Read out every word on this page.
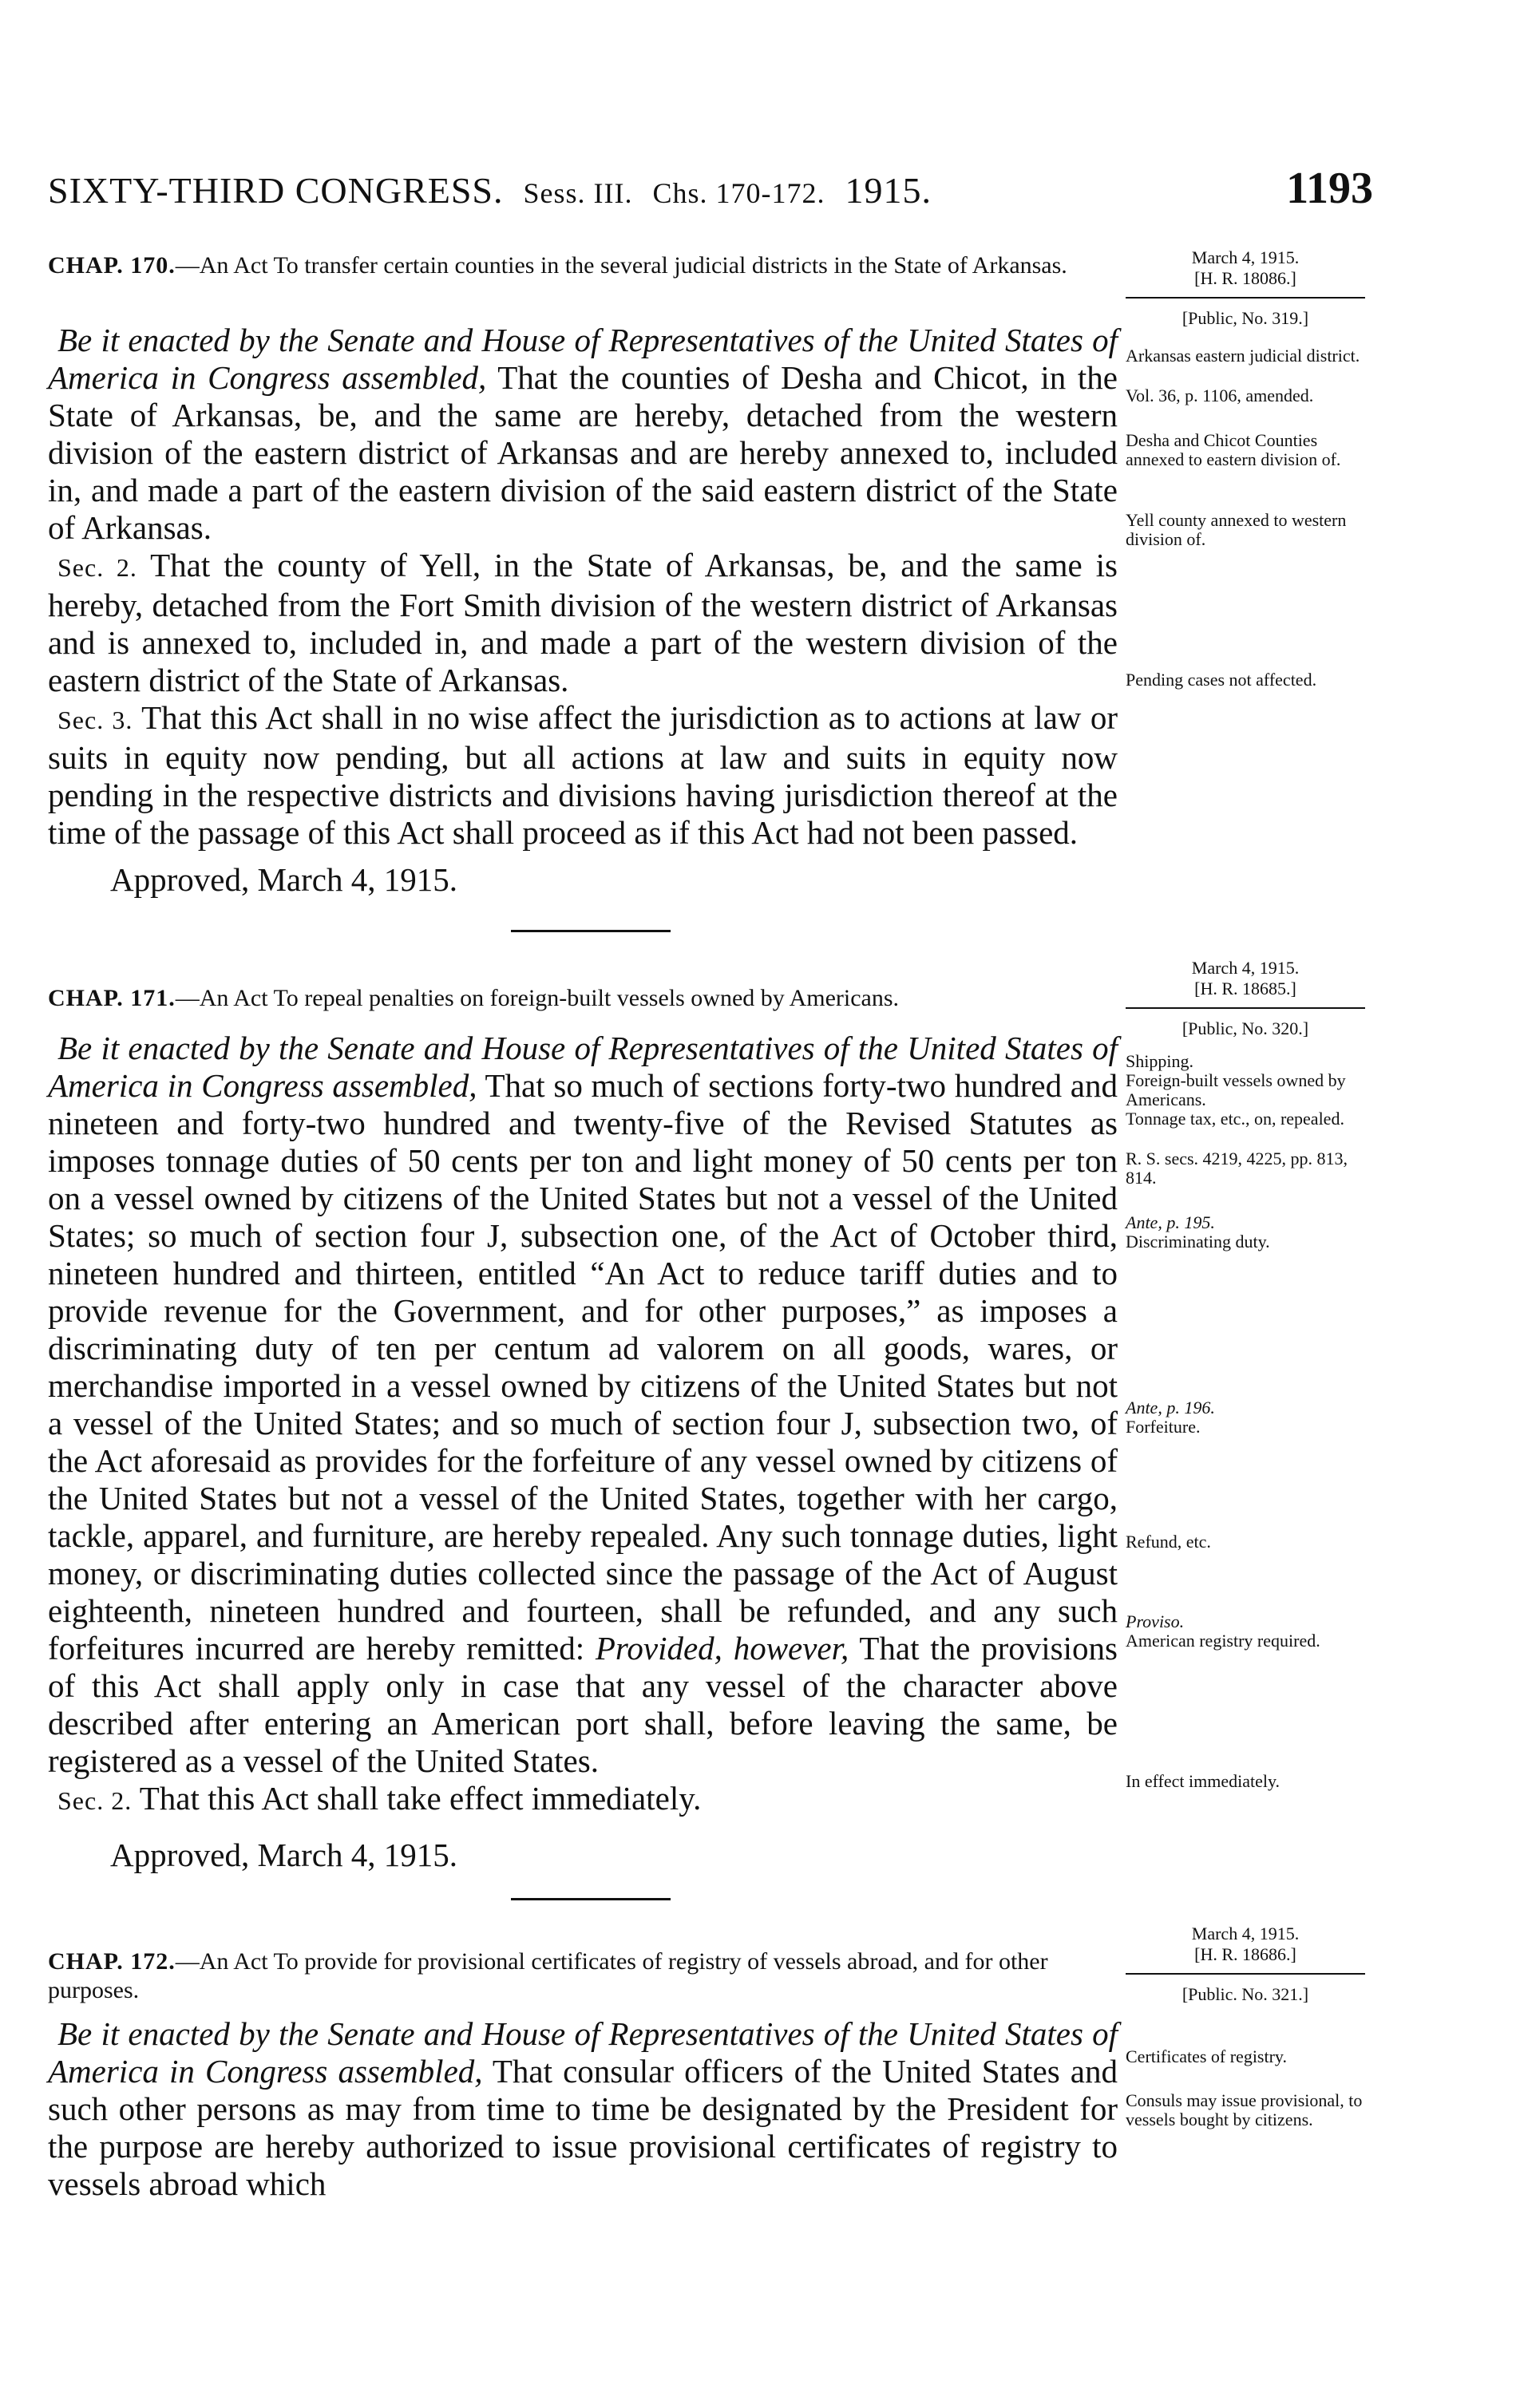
SIXTY-THIRD CONGRESS. Sess. III. Chs. 170-172. 1915.	1193
March 4, 1915.
[H. R. 18086.]
[Public, No. 319.]
CHAP. 170.—An Act To transfer certain counties in the several judicial districts in the State of Arkansas.

Be it enacted by the Senate and House of Representatives of the United States of America in Congress assembled, That the counties of Desha and Chicot, in the State of Arkansas, be, and the same are hereby, detached from the western division of the eastern district of Arkansas and are hereby annexed to, included in, and made a part of the eastern division of the said eastern district of the State of Arkansas.

Sec. 2. That the county of Yell, in the State of Arkansas, be, and the same is hereby, detached from the Fort Smith division of the western district of Arkansas and is annexed to, included in, and made a part of the western division of the eastern district of the State of Arkansas.

Sec. 3. That this Act shall in no wise affect the jurisdiction as to actions at law or suits in equity now pending, but all actions at law and suits in equity now pending in the respective districts and divisions having jurisdiction thereof at the time of the passage of this Act shall proceed as if this Act had not been passed.

Approved, March 4, 1915.
Arkansas eastern judicial district.
Vol. 36, p. 1106, amended.
Desha and Chicot Counties annexed to eastern division of.
Yell county annexed to western division of.
Pending cases not affected.
March 4, 1915.
[H. R. 18685.]
[Public, No. 320.]
CHAP. 171.—An Act To repeal penalties on foreign-built vessels owned by Americans.

Be it enacted by the Senate and House of Representatives of the United States of America in Congress assembled, That so much of sections forty-two hundred and nineteen and forty-two hundred and twenty-five of the Revised Statutes as imposes tonnage duties of 50 cents per ton and light money of 50 cents per ton on a vessel owned by citizens of the United States but not a vessel of the United States; so much of section four J, subsection one, of the Act of October third, nineteen hundred and thirteen, entitled “An Act to reduce tariff duties and to provide revenue for the Government, and for other purposes,” as imposes a discriminating duty of ten per centum ad valorem on all goods, wares, or merchandise imported in a vessel owned by citizens of the United States but not a vessel of the United States; and so much of section four J, subsection two, of the Act aforesaid as provides for the forfeiture of any vessel owned by citizens of the United States but not a vessel of the United States, together with her cargo, tackle, apparel, and furniture, are hereby repealed. Any such tonnage duties, light money, or discriminating duties collected since the passage of the Act of August eighteenth, nineteen hundred and fourteen, shall be refunded, and any such forfeitures incurred are hereby remitted: Provided, however, That the provisions of this Act shall apply only in case that any vessel of the character above described after entering an American port shall, before leaving the same, be registered as a vessel of the United States.

Sec. 2. That this Act shall take effect immediately.

Approved, March 4, 1915.
Shipping.
Foreign-built vessels owned by Americans.
Tonnage tax, etc., on, repealed.
R. S. secs. 4219, 4225, pp. 813, 814.
Ante, p. 195.
Discriminating duty.
Ante, p. 196.
Forfeiture.
Refund, etc.
Proviso.
American registry required.
In effect immediately.
March 4, 1915.
[H. R. 18686.]
[Public. No. 321.]
CHAP. 172.—An Act To provide for provisional certificates of registry of vessels abroad, and for other purposes.

Be it enacted by the Senate and House of Representatives of the United States of America in Congress assembled, That consular officers of the United States and such other persons as may from time to time be designated by the President for the purpose are hereby authorized to issue provisional certificates of registry to vessels abroad which

Certificates of registry.
Consuls may issue provisional, to vessels bought by citizens.
